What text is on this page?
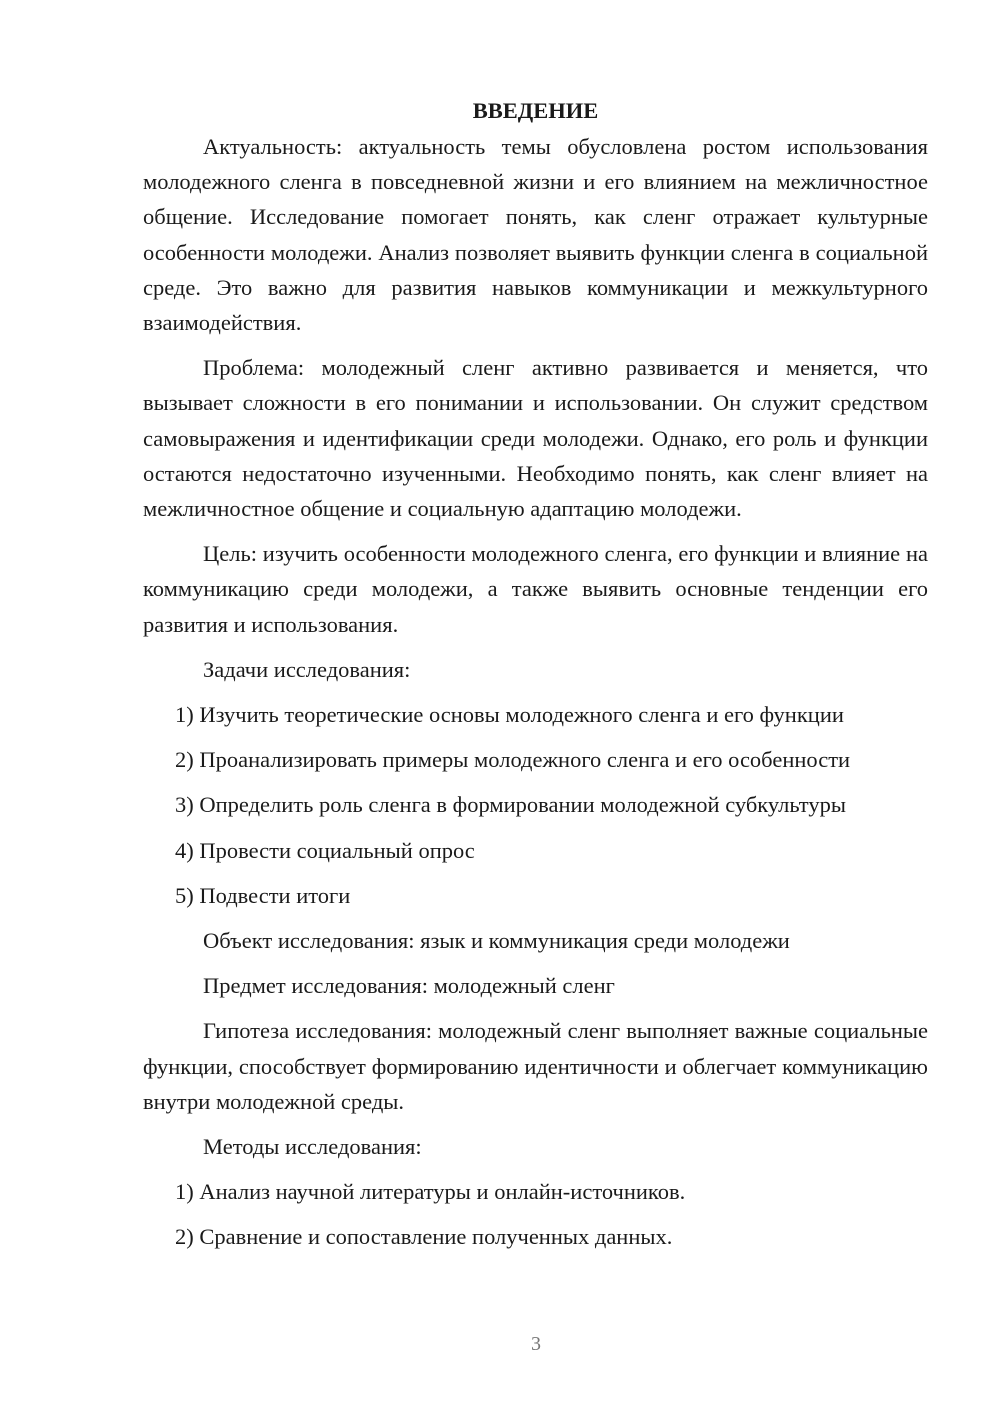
ВВЕДЕНИЕ

Актуальность: актуальность темы обусловлена ростом использования молодежного сленга в повседневной жизни и его влиянием на межличностное общение. Исследование помогает понять, как сленг отражает культурные особенности молодежи. Анализ позволяет выявить функции сленга в социальной среде. Это важно для развития навыков коммуникации и межкультурного взаимодействия.

Проблема: молодежный сленг активно развивается и меняется, что вызывает сложности в его понимании и использовании. Он служит средством самовыражения и идентификации среди молодежи. Однако, его роль и функции остаются недостаточно изученными. Необходимо понять, как сленг влияет на межличностное общение и социальную адаптацию молодежи.

Цель: изучить особенности молодежного сленга, его функции и влияние на коммуникацию среди молодежи, а также выявить основные тенденции его развития и использования.

Задачи исследования:

1) Изучить теоретические основы молодежного сленга и его функции
2) Проанализировать примеры молодежного сленга и его особенности
3) Определить роль сленга в формировании молодежной субкультуры
4) Провести социальный опрос
5) Подвести итоги

Объект исследования: язык и коммуникация среди молодежи

Предмет исследования: молодежный сленг

Гипотеза исследования: молодежный сленг выполняет важные социальные функции, способствует формированию идентичности и облегчает коммуникацию внутри молодежной среды.

Методы исследования:

1) Анализ научной литературы и онлайн-источников.
2) Сравнение и сопоставление полученных данных.
3
